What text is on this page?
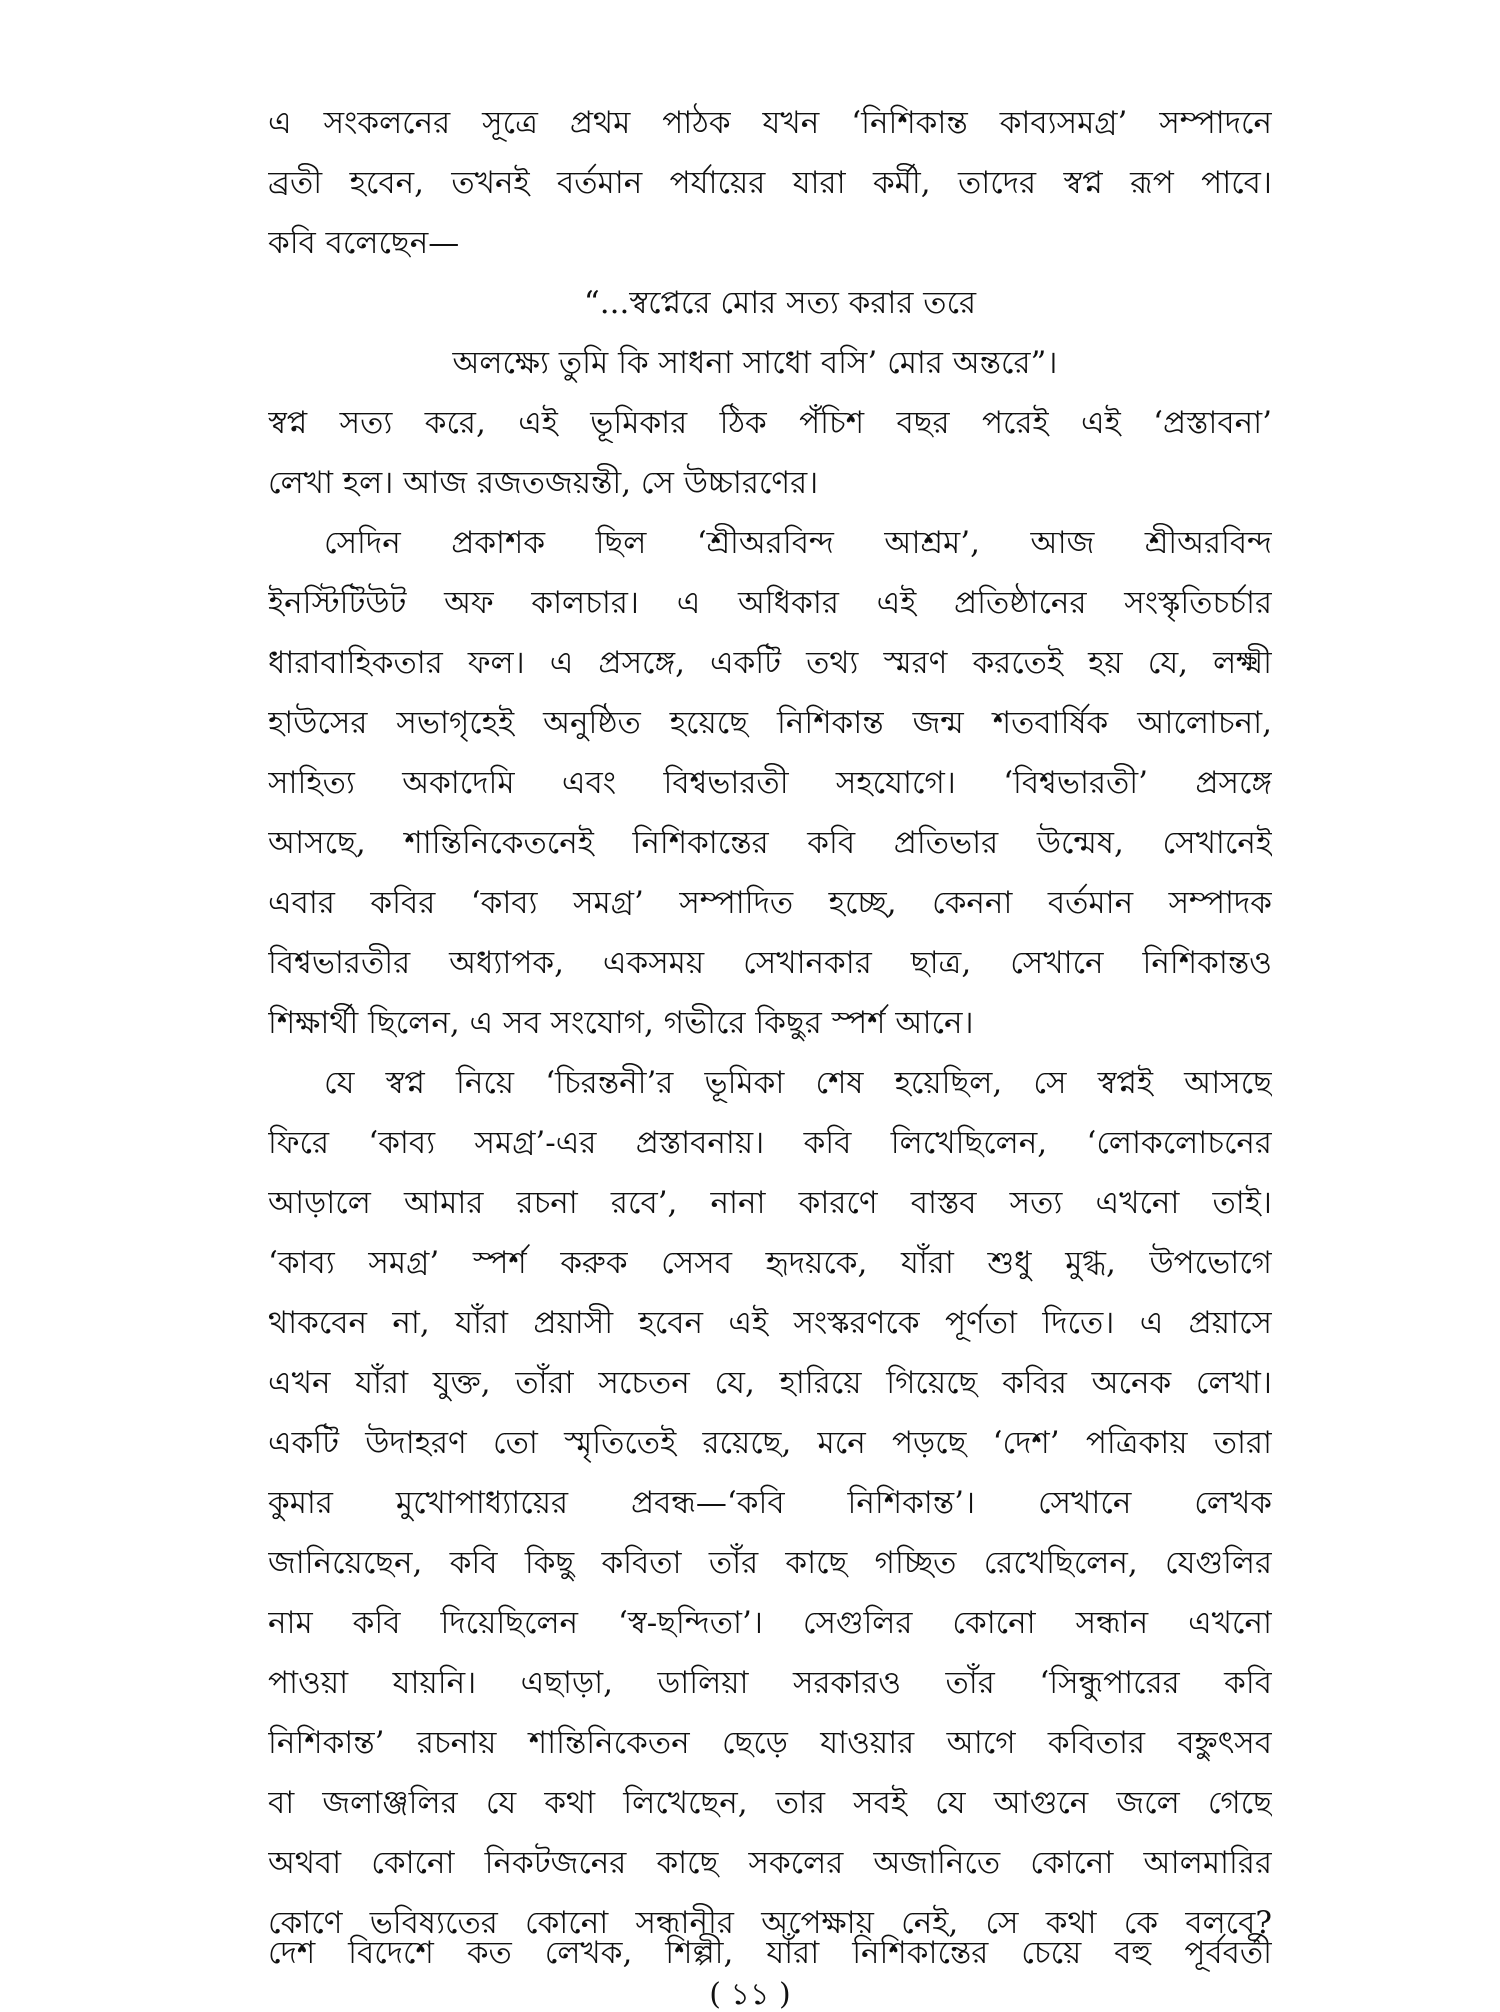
এ সংকলনের সূত্রে প্রথম পাঠক যখন ‘নিশিকান্ত কাব্যসমগ্র’ সম্পাদনে
ব্রতী হবেন, তখনই বর্তমান পর্যায়ের যারা কর্মী, তাদের স্বপ্ন রূপ পাবে।
কবি বলেছেন—
“...স্বপ্নেরে মোর সত্য করার তরে
অলক্ষ্যে তুমি কি সাধনা সাধো বসি’ মোর অন্তরে”।
স্বপ্ন সত্য করে, এই ভূমিকার ঠিক পঁচিশ বছর পরেই এই ‘প্রস্তাবনা’
লেখা হল। আজ রজতজয়ন্তী, সে উচ্চারণের।
সেদিন প্রকাশক ছিল ‘শ্রীঅরবিন্দ আশ্রম’, আজ শ্রীঅরবিন্দ
ইনস্টিটিউট অফ কালচার। এ অধিকার এই প্রতিষ্ঠানের সংস্কৃতিচর্চার
ধারাবাহিকতার ফল। এ প্রসঙ্গে, একটি তথ্য স্মরণ করতেই হয় যে, লক্ষ্মী
হাউসের সভাগৃহেই অনুষ্ঠিত হয়েছে নিশিকান্ত জন্ম শতবার্ষিক আলোচনা,
সাহিত্য অকাদেমি এবং বিশ্বভারতী সহযোগে। ‘বিশ্বভারতী’ প্রসঙ্গে
আসছে, শান্তিনিকেতনেই নিশিকান্তের কবি প্রতিভার উন্মেষ, সেখানেই
এবার কবির ‘কাব্য সমগ্র’ সম্পাদিত হচ্ছে, কেননা বর্তমান সম্পাদক
বিশ্বভারতীর অধ্যাপক, একসময় সেখানকার ছাত্র, সেখানে নিশিকান্তও
শিক্ষার্থী ছিলেন, এ সব সংযোগ, গভীরে কিছুর স্পর্শ আনে।
যে স্বপ্ন নিয়ে ‘চিরন্তনী’র ভূমিকা শেষ হয়েছিল, সে স্বপ্নই আসছে
ফিরে ‘কাব্য সমগ্র’-এর প্রস্তাবনায়। কবি লিখেছিলেন, ‘লোকলোচনের
আড়ালে আমার রচনা রবে’, নানা কারণে বাস্তব সত্য এখনো তাই।
‘কাব্য সমগ্র’ স্পর্শ করুক সেসব হৃদয়কে, যাঁরা শুধু মুগ্ধ, উপভোগে
থাকবেন না, যাঁরা প্রয়াসী হবেন এই সংস্করণকে পূর্ণতা দিতে। এ প্রয়াসে
এখন যাঁরা যুক্ত, তাঁরা সচেতন যে, হারিয়ে গিয়েছে কবির অনেক লেখা।
একটি উদাহরণ তো স্মৃতিতেই রয়েছে, মনে পড়ছে ‘দেশ’ পত্রিকায় তারা
কুমার মুখোপাধ্যায়ের প্রবন্ধ—‘কবি নিশিকান্ত’। সেখানে লেখক
জানিয়েছেন, কবি কিছু কবিতা তাঁর কাছে গচ্ছিত রেখেছিলেন, যেগুলির
নাম কবি দিয়েছিলেন ‘স্ব-ছন্দিতা’। সেগুলির কোনো সন্ধান এখনো
পাওয়া যায়নি। এছাড়া, ডালিয়া সরকারও তাঁর ‘সিন্ধুপারের কবি
নিশিকান্ত’ রচনায় শান্তিনিকেতন ছেড়ে যাওয়ার আগে কবিতার বহ্নুৎসব
বা জলাঞ্জলির যে কথা লিখেছেন, তার সবই যে আগুনে জলে গেছে
অথবা কোনো নিকটজনের কাছে সকলের অজানিতে কোনো আলমারির
কোণে ভবিষ্যতের কোনো সন্ধানীর অপেক্ষায় নেই, সে কথা কে বলবে?
দেশ বিদেশে কত লেখক, শিল্পী, যাঁরা নিশিকান্তের চেয়ে বহু পূর্ববর্তী
( ১১ )
